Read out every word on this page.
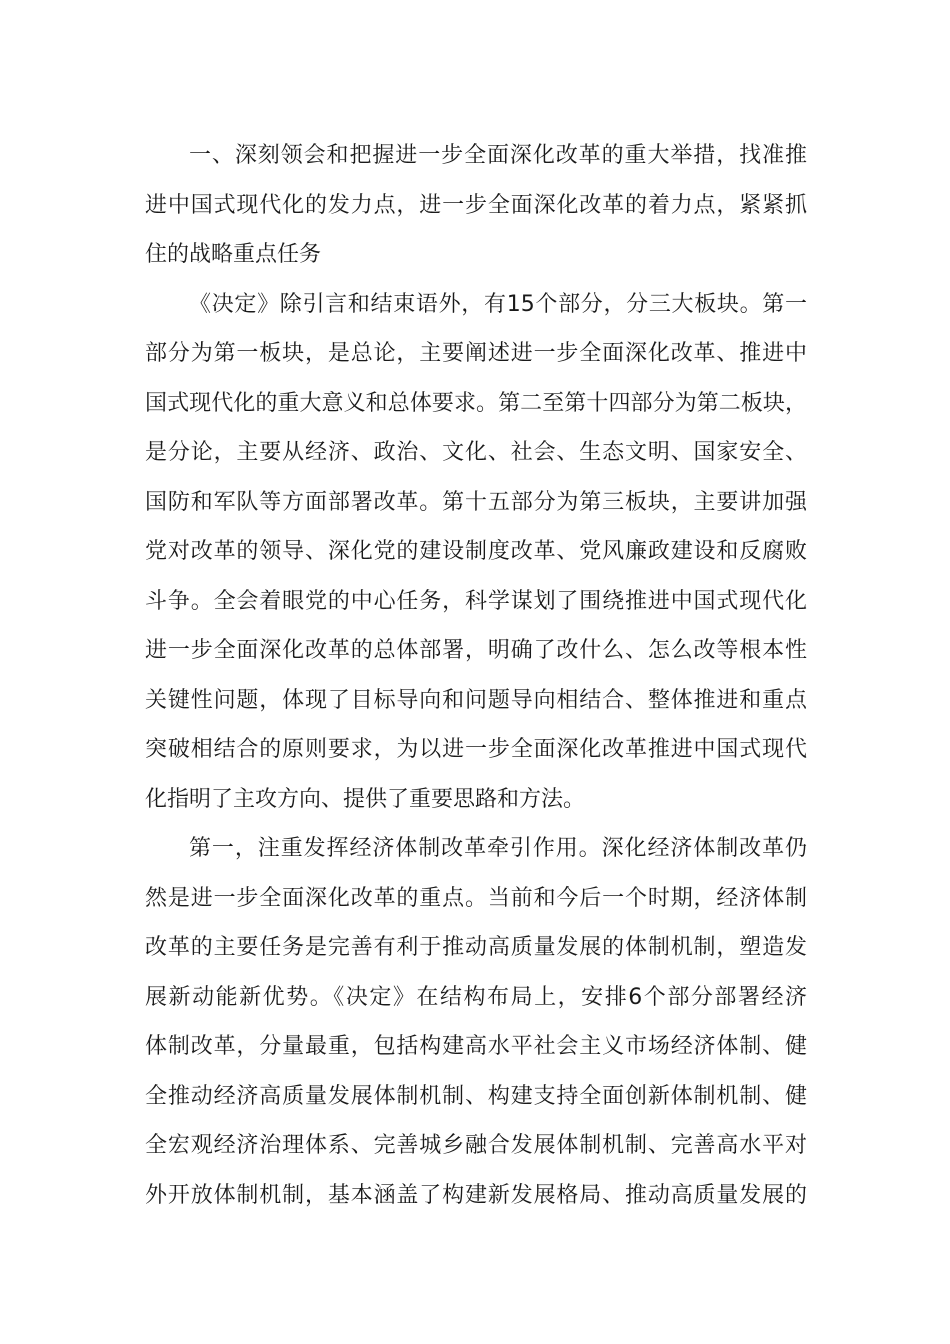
一、深刻领会和把握进一步全面深化改革的重大举措，找准推
进中国式现代化的发力点，进一步全面深化改革的着力点，紧紧抓
住的战略重点任务
《决定》除引言和结束语外，有15个部分，分三大板块。第一
部分为第一板块，是总论，主要阐述进一步全面深化改革、推进中
国式现代化的重大意义和总体要求。第二至第十四部分为第二板块，
是分论，主要从经济、政治、文化、社会、生态文明、国家安全、
国防和军队等方面部署改革。第十五部分为第三板块，主要讲加强
党对改革的领导、深化党的建设制度改革、党风廉政建设和反腐败
斗争。全会着眼党的中心任务，科学谋划了围绕推进中国式现代化
进一步全面深化改革的总体部署，明确了改什么、怎么改等根本性
关键性问题，体现了目标导向和问题导向相结合、整体推进和重点
突破相结合的原则要求，为以进一步全面深化改革推进中国式现代
化指明了主攻方向、提供了重要思路和方法。
第一，注重发挥经济体制改革牵引作用。深化经济体制改革仍
然是进一步全面深化改革的重点。当前和今后一个时期，经济体制
改革的主要任务是完善有利于推动高质量发展的体制机制，塑造发
展新动能新优势。《决定》在结构布局上，安排6个部分部署经济
体制改革，分量最重，包括构建高水平社会主义市场经济体制、健
全推动经济高质量发展体制机制、构建支持全面创新体制机制、健
全宏观经济治理体系、完善城乡融合发展体制机制、完善高水平对
外开放体制机制，基本涵盖了构建新发展格局、推动高质量发展的
